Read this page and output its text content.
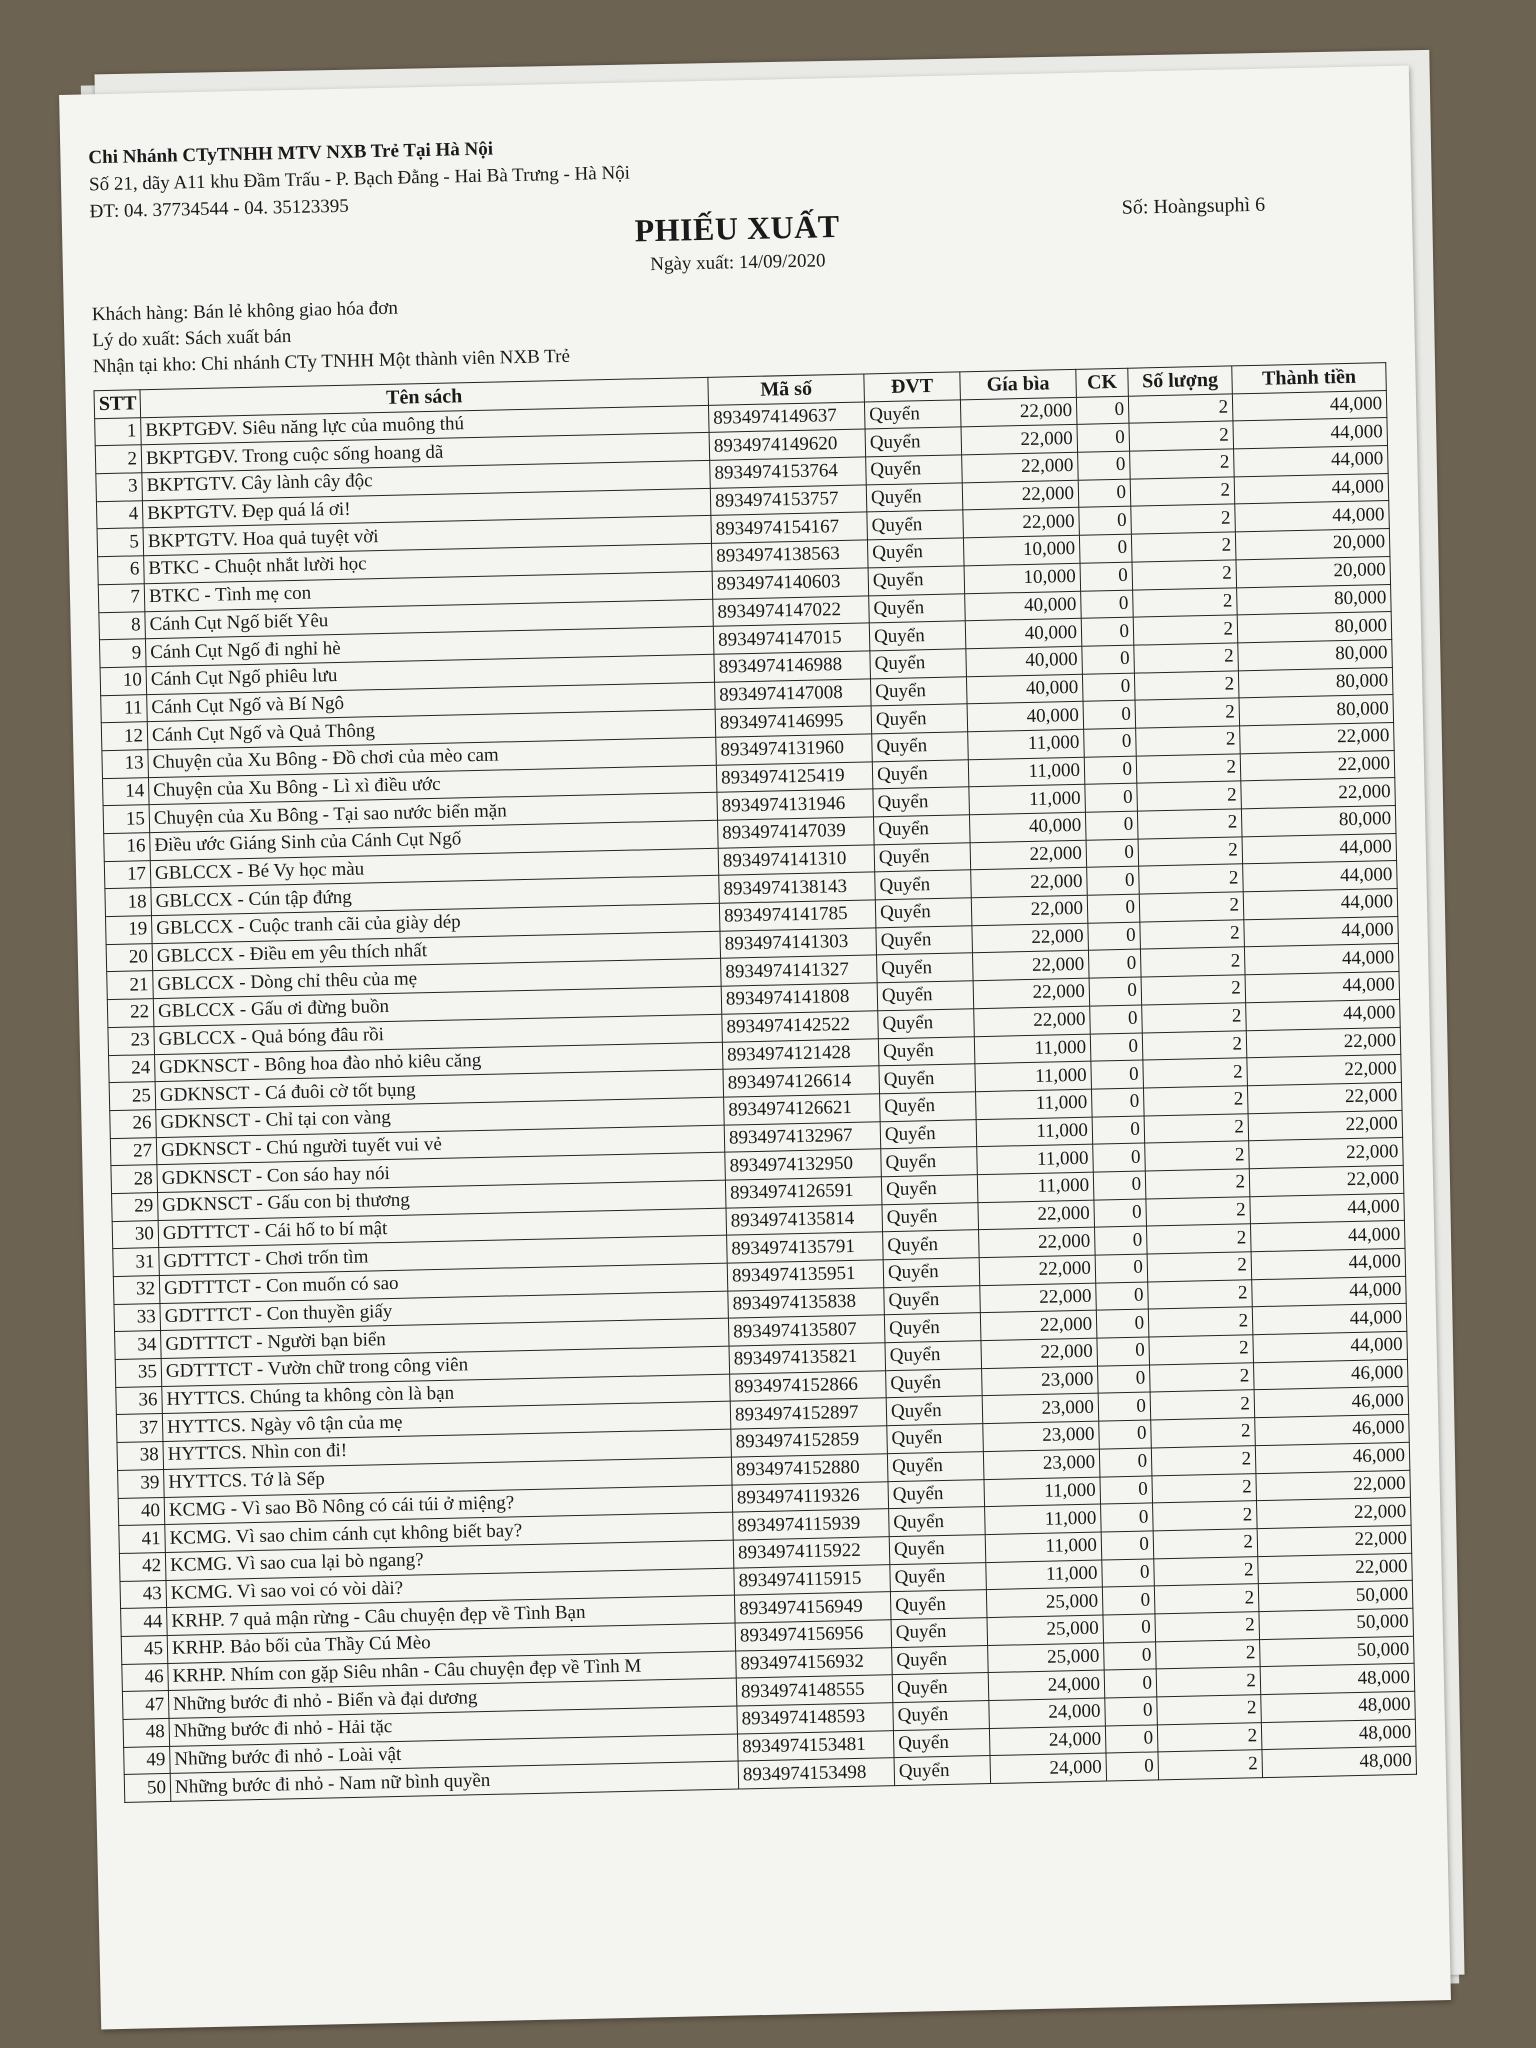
Chi Nhánh CTyTNHH MTV NXB Trẻ Tại Hà Nội
Số 21, dãy A11 khu Đầm Trấu - P. Bạch Đằng - Hai Bà Trưng - Hà Nội
ĐT: 04. 37734544 - 04. 35123395	Số: Hoàngsuphì 6
PHIẾU XUẤT
Ngày xuất: 14/09/2020
Khách hàng: Bán lẻ không giao hóa đơn
Lý do xuất: Sách xuất bán
Nhận tại kho: Chi nhánh CTy TNHH Một thành viên NXB Trẻ
STT	Tên sách	Mã số	ĐVT	Gía bìa	CK	Số lượng	Thành tiền
1	BKPTGĐV. Siêu năng lực của muông thú	8934974149637	Quyển	22,000	0	2	44,000
2	BKPTGĐV. Trong cuộc sống hoang dã	8934974149620	Quyển	22,000	0	2	44,000
3	BKPTGTV. Cây lành cây độc	8934974153764	Quyển	22,000	0	2	44,000
4	BKPTGTV. Đẹp quá lá ơi!	8934974153757	Quyển	22,000	0	2	44,000
5	BKPTGTV. Hoa quả tuyệt vời	8934974154167	Quyển	22,000	0	2	44,000
6	BTKC - Chuột nhắt lười học	8934974138563	Quyển	10,000	0	2	20,000
7	BTKC - Tình mẹ con	8934974140603	Quyển	10,000	0	2	20,000
8	Cánh Cụt Ngố biết Yêu	8934974147022	Quyển	40,000	0	2	80,000
9	Cánh Cụt Ngố đi nghỉ hè	8934974147015	Quyển	40,000	0	2	80,000
10	Cánh Cụt Ngố phiêu lưu	8934974146988	Quyển	40,000	0	2	80,000
11	Cánh Cụt Ngố và Bí Ngô	8934974147008	Quyển	40,000	0	2	80,000
12	Cánh Cụt Ngố và Quả Thông	8934974146995	Quyển	40,000	0	2	80,000
13	Chuyện của Xu Bông - Đồ chơi của mèo cam	8934974131960	Quyển	11,000	0	2	22,000
14	Chuyện của Xu Bông - Lì xì điều ước	8934974125419	Quyển	11,000	0	2	22,000
15	Chuyện của Xu Bông - Tại sao nước biển mặn	8934974131946	Quyển	11,000	0	2	22,000
16	Điều ước Giáng Sinh của Cánh Cụt Ngố	8934974147039	Quyển	40,000	0	2	80,000
17	GBLCCX - Bé Vy học màu	8934974141310	Quyển	22,000	0	2	44,000
18	GBLCCX - Cún tập đứng	8934974138143	Quyển	22,000	0	2	44,000
19	GBLCCX - Cuộc tranh cãi của giày dép	8934974141785	Quyển	22,000	0	2	44,000
20	GBLCCX - Điều em yêu thích nhất	8934974141303	Quyển	22,000	0	2	44,000
21	GBLCCX - Dòng chỉ thêu của mẹ	8934974141327	Quyển	22,000	0	2	44,000
22	GBLCCX - Gấu ơi đừng buồn	8934974141808	Quyển	22,000	0	2	44,000
23	GBLCCX - Quả bóng đâu rồi	8934974142522	Quyển	22,000	0	2	44,000
24	GDKNSCT - Bông hoa đào nhỏ kiêu căng	8934974121428	Quyển	11,000	0	2	22,000
25	GDKNSCT - Cá đuôi cờ tốt bụng	8934974126614	Quyển	11,000	0	2	22,000
26	GDKNSCT - Chỉ tại con vàng	8934974126621	Quyển	11,000	0	2	22,000
27	GDKNSCT - Chú người tuyết vui vẻ	8934974132967	Quyển	11,000	0	2	22,000
28	GDKNSCT - Con sáo hay nói	8934974132950	Quyển	11,000	0	2	22,000
29	GDKNSCT - Gấu con bị thương	8934974126591	Quyển	11,000	0	2	22,000
30	GDTTTCT - Cái hố to bí mật	8934974135814	Quyển	22,000	0	2	44,000
31	GDTTTCT - Chơi trốn tìm	8934974135791	Quyển	22,000	0	2	44,000
32	GDTTTCT - Con muốn có sao	8934974135951	Quyển	22,000	0	2	44,000
33	GDTTTCT - Con thuyền giấy	8934974135838	Quyển	22,000	0	2	44,000
34	GDTTTCT - Người bạn biển	8934974135807	Quyển	22,000	0	2	44,000
35	GDTTTCT - Vườn chữ trong công viên	8934974135821	Quyển	22,000	0	2	44,000
36	HYTTCS. Chúng ta không còn là bạn	8934974152866	Quyển	23,000	0	2	46,000
37	HYTTCS. Ngày vô tận của mẹ	8934974152897	Quyển	23,000	0	2	46,000
38	HYTTCS. Nhìn con đi!	8934974152859	Quyển	23,000	0	2	46,000
39	HYTTCS. Tớ là Sếp	8934974152880	Quyển	23,000	0	2	46,000
40	KCMG - Vì sao Bồ Nông có cái túi ở miệng?	8934974119326	Quyển	11,000	0	2	22,000
41	KCMG. Vì sao chim cánh cụt không biết bay?	8934974115939	Quyển	11,000	0	2	22,000
42	KCMG. Vì sao cua lại bò ngang?	8934974115922	Quyển	11,000	0	2	22,000
43	KCMG. Vì sao voi có vòi dài?	8934974115915	Quyển	11,000	0	2	22,000
44	KRHP. 7 quả mận rừng - Câu chuyện đẹp về Tình Bạn	8934974156949	Quyển	25,000	0	2	50,000
45	KRHP. Bảo bối của Thầy Cú Mèo	8934974156956	Quyển	25,000	0	2	50,000
46	KRHP. Nhím con gặp Siêu nhân - Câu chuyện đẹp về Tình M	8934974156932	Quyển	25,000	0	2	50,000
47	Những bước đi nhỏ - Biển và đại dương	8934974148555	Quyển	24,000	0	2	48,000
48	Những bước đi nhỏ - Hải tặc	8934974148593	Quyển	24,000	0	2	48,000
49	Những bước đi nhỏ - Loài vật	8934974153481	Quyển	24,000	0	2	48,000
50	Những bước đi nhỏ - Nam nữ bình quyền	8934974153498	Quyển	24,000	0	2	48,000
